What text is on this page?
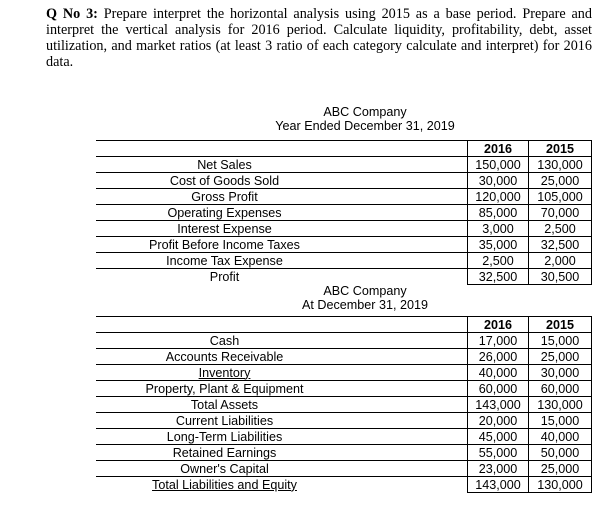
Q No 3: Prepare interpret the horizontal analysis using 2015 as a base period. Prepare and interpret the vertical analysis for 2016 period. Calculate liquidity, profitability, debt, asset utilization, and market ratios (at least 3 ratio of each category calculate and interpret) for 2016 data.
ABC Company
Year Ended December 31, 2019
		2016	2015
Net Sales		150,000	130,000
Cost of Goods Sold		30,000	25,000
Gross Profit		120,000	105,000
Operating Expenses		85,000	70,000
Interest Expense		3,000	2,500
Profit Before Income Taxes		35,000	32,500
Income Tax Expense		2,500	2,000
Profit		32,500	30,500
ABC Company
At December 31, 2019
		2016	2015
Cash		17,000	15,000
Accounts Receivable		26,000	25,000
Inventory		40,000	30,000
Property, Plant & Equipment		60,000	60,000
Total Assets		143,000	130,000
Current Liabilities		20,000	15,000
Long-Term Liabilities		45,000	40,000
Retained Earnings		55,000	50,000
Owner's Capital		23,000	25,000
Total Liabilities and Equity		143,000	130,000
